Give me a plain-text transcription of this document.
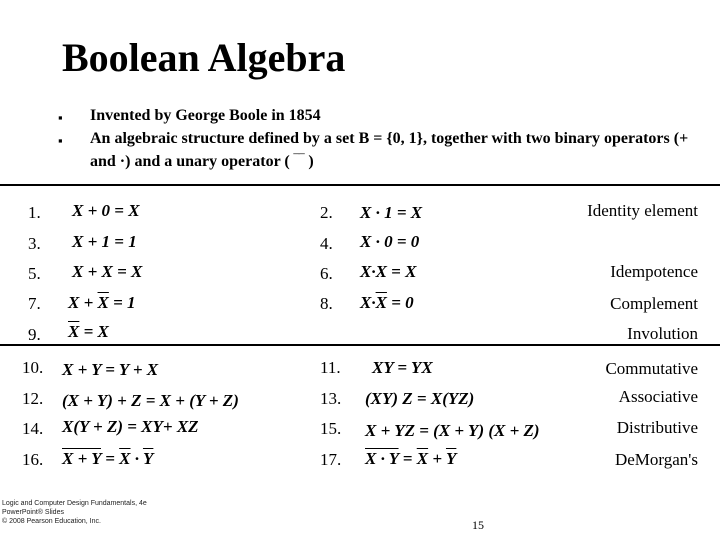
Boolean Algebra
▪ Invented by George Boole in 1854
▪ An algebraic structure defined by a set B = {0, 1}, together with two binary operators (+ and ·) and a unary operator ( ‾‾ )
1. X + 0 = X	2. X · 1 = X	Identity element
3. X + 1 = 1	4. X · 0 = 0
5. X + X = X	6. X·X = X	Idempotence
7. $X + \overline{X} = 1$	8. $X\cdot\overline{X} = 0$	Complement
9. $\overline{X} = X$	Involution
10. X + Y = Y + X	11. XY = YX	Commutative
12. (X + Y) + Z = X + (Y + Z)	13. (XY) Z = X(YZ)	Associative
14. X(Y + Z) = XY+ XZ	15. X + YZ = (X + Y) (X + Z)	Distributive
16. $X + Y = \overline{X} \cdot \overline{Y}$	17. $X \cdot Y = \overline{X} + \overline{Y}$	DeMorgan's
Logic and Computer Design Fundamentals, 4e
PowerPoint® Slides
© 2008 Pearson Education, Inc.	15
